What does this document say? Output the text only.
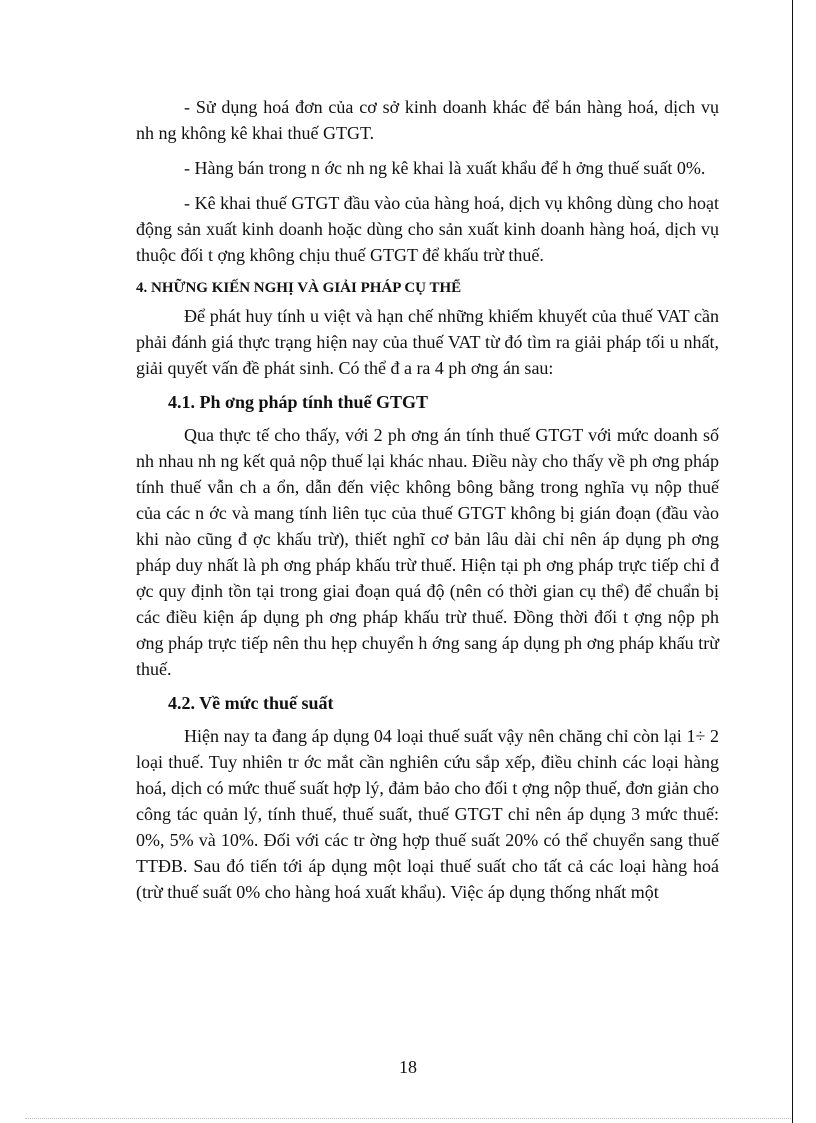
- Sử dụng hoá đơn của cơ sở kinh doanh khác để bán hàng hoá, dịch vụ nh ng không kê khai thuế GTGT.

- Hàng bán trong n ớc nh ng kê khai là xuất khẩu để h ởng thuế suất 0%.

- Kê khai thuế GTGT đầu vào của hàng hoá, dịch vụ không dùng cho hoạt động sản xuất kinh doanh hoặc dùng cho sản xuất kinh doanh hàng hoá, dịch vụ thuộc đối t ợng không chịu thuế GTGT để khấu trừ thuế.

4. NHỮNG KIẾN NGHỊ VÀ GIẢI PHÁP CỤ THỂ

Để phát huy tính u việt và hạn chế những khiếm khuyết của thuế VAT cần phải đánh giá thực trạng hiện nay của thuế VAT từ đó tìm ra giải pháp tối u nhất, giải quyết vấn đề phát sinh. Có thể đ a ra 4 ph ơng án sau:

4.1. Ph ơng pháp tính thuế GTGT

Qua thực tế cho thấy, với 2 ph ơng án tính thuế GTGT với mức doanh số nh nhau nh ng kết quả nộp thuế lại khác nhau. Điều này cho thấy về ph ơng pháp tính thuế vẫn ch a ổn, dẫn đến việc không bông bằng trong nghĩa vụ nộp thuế của các n ớc và mang tính liên tục của thuế GTGT không bị gián đoạn (đầu vào khi nào cũng đ ợc khấu trừ), thiết nghĩ cơ bản lâu dài chỉ nên áp dụng ph ơng pháp duy nhất là ph ơng pháp khấu trừ thuế. Hiện tại ph ơng pháp trực tiếp chỉ đ ợc quy định tồn tại trong giai đoạn quá độ (nên có thời gian cụ thể) để chuẩn bị các điều kiện áp dụng ph ơng pháp khấu trừ thuế. Đồng thời đối t ợng nộp ph ơng pháp trực tiếp nên thu hẹp chuyển h ớng sang áp dụng ph ơng pháp khấu trừ thuế.

4.2. Về mức thuế suất

Hiện nay ta đang áp dụng 04 loại thuế suất vậy nên chăng chỉ còn lại 1÷ 2 loại thuế. Tuy nhiên tr ớc mắt cần nghiên cứu sắp xếp, điều chỉnh các loại hàng hoá, dịch có mức thuế suất hợp lý, đảm bảo cho đối t ợng nộp thuế, đơn giản cho công tác quản lý, tính thuế, thuế suất, thuế GTGT chỉ nên áp dụng 3 mức thuế: 0%, 5% và 10%. Đối với các tr ờng hợp thuế suất 20% có thể chuyển sang thuế TTĐB. Sau đó tiến tới áp dụng một loại thuế suất cho tất cả các loại hàng hoá (trừ thuế suất 0% cho hàng hoá xuất khẩu). Việc áp dụng thống nhất một

18
